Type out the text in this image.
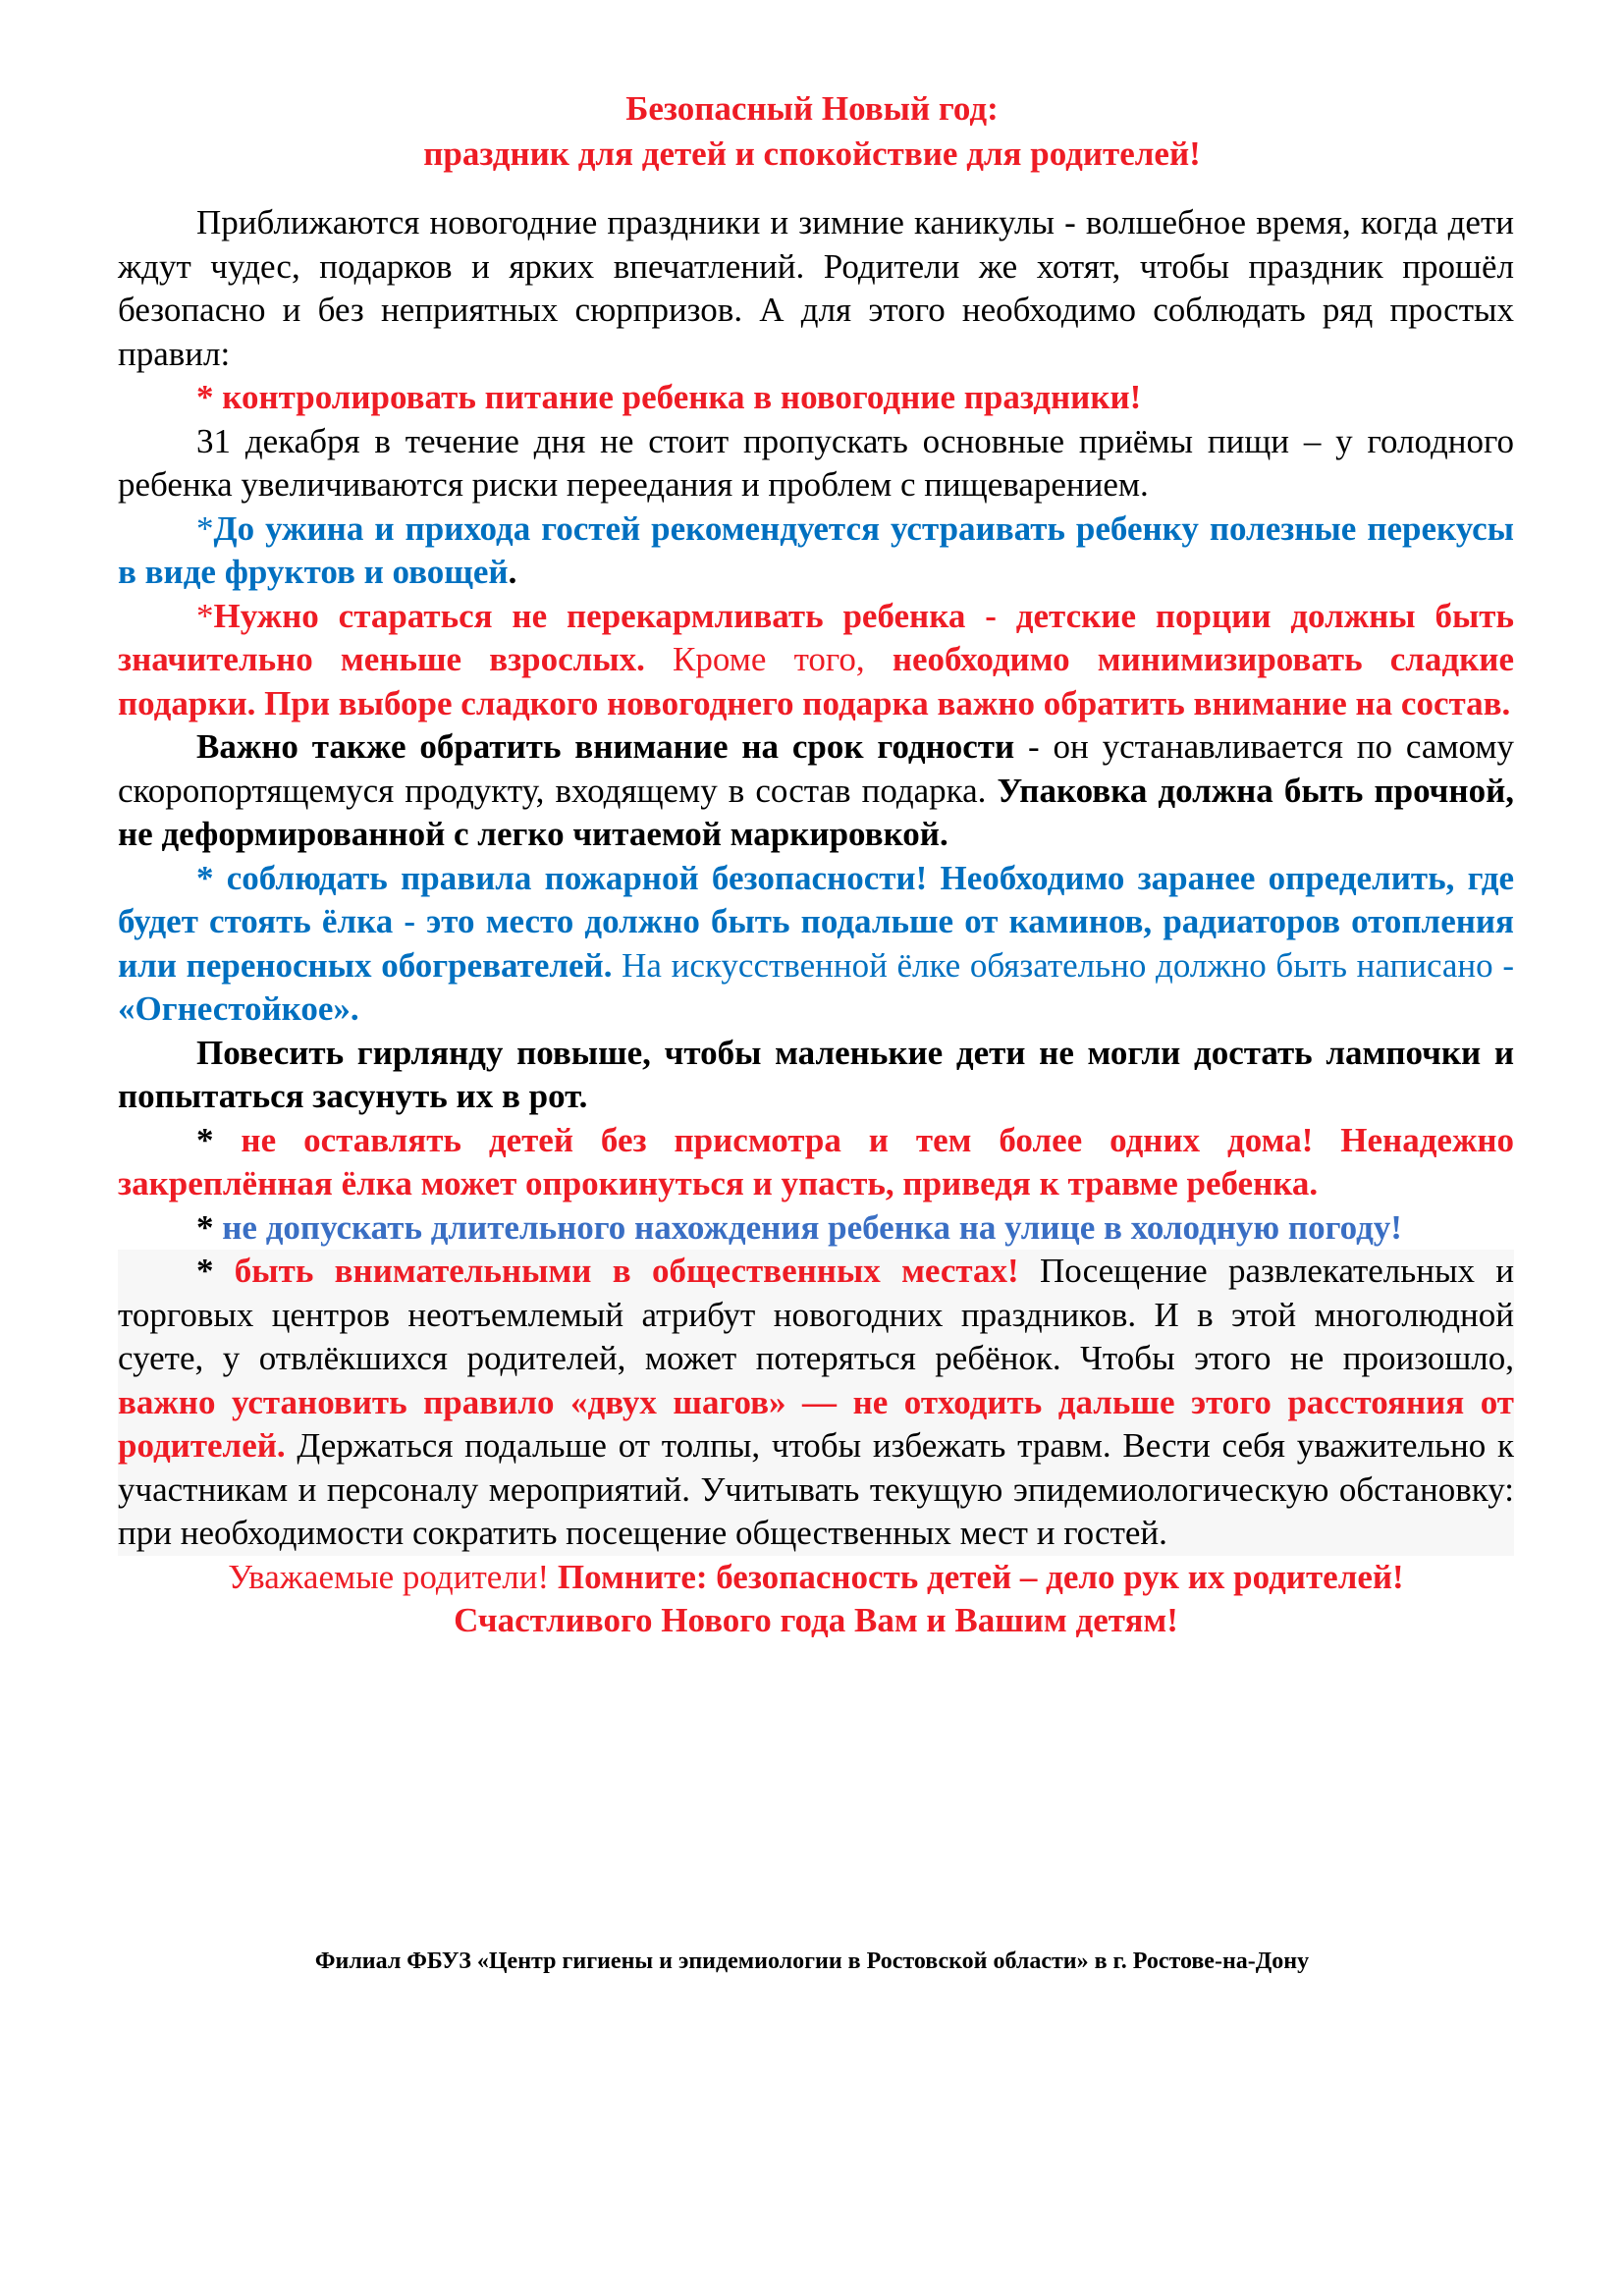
Безопасный Новый год:
праздник для детей и спокойствие для родителей!

Приближаются новогодние праздники и зимние каникулы - волшебное время, когда дети ждут чудес, подарков и ярких впечатлений. Родители же хотят, чтобы праздник прошёл безопасно и без неприятных сюрпризов. А для этого необходимо соблюдать ряд простых правил:

* контролировать питание ребенка в новогодние праздники!

31 декабря в течение дня не стоит пропускать основные приёмы пищи – у голодного ребенка увеличиваются риски переедания и проблем с пищеварением.

*До ужина и прихода гостей рекомендуется устраивать ребенку полезные перекусы в виде фруктов и овощей.

*Нужно стараться не перекармливать ребенка - детские порции должны быть значительно меньше взрослых. Кроме того, необходимо минимизировать сладкие подарки. При выборе сладкого новогоднего подарка важно обратить внимание на состав.

Важно также обратить внимание на срок годности - он устанавливается по самому скоропортящемуся продукту, входящему в состав подарка. Упаковка должна быть прочной, не деформированной с легко читаемой маркировкой.

* соблюдать правила пожарной безопасности! Необходимо заранее определить, где будет стоять ёлка - это место должно быть подальше от каминов, радиаторов отопления или переносных обогревателей. На искусственной ёлке обязательно должно быть написано - «Огнестойкое».

Повесить гирлянду повыше, чтобы маленькие дети не могли достать лампочки и попытаться засунуть их в рот.

* не оставлять детей без присмотра и тем более одних дома! Ненадежно закреплённая ёлка может опрокинуться и упасть, приведя к травме ребенка.

* не допускать длительного нахождения ребенка на улице в холодную погоду!

* быть внимательными в общественных местах! Посещение развлекательных и торговых центров неотъемлемый атрибут новогодних праздников. И в этой многолюдной суете, у отвлёкшихся родителей, может потеряться ребёнок. Чтобы этого не произошло, важно установить правило «двух шагов» — не отходить дальше этого расстояния от родителей. Держаться подальше от толпы, чтобы избежать травм. Вести себя уважительно к участникам и персоналу мероприятий. Учитывать текущую эпидемиологическую обстановку: при необходимости сократить посещение общественных мест и гостей.

Уважаемые родители! Помните: безопасность детей – дело рук их родителей!

Счастливого Нового года Вам и Вашим детям!

Филиал ФБУЗ «Центр гигиены и эпидемиологии в Ростовской области» в г. Ростове-на-Дону
